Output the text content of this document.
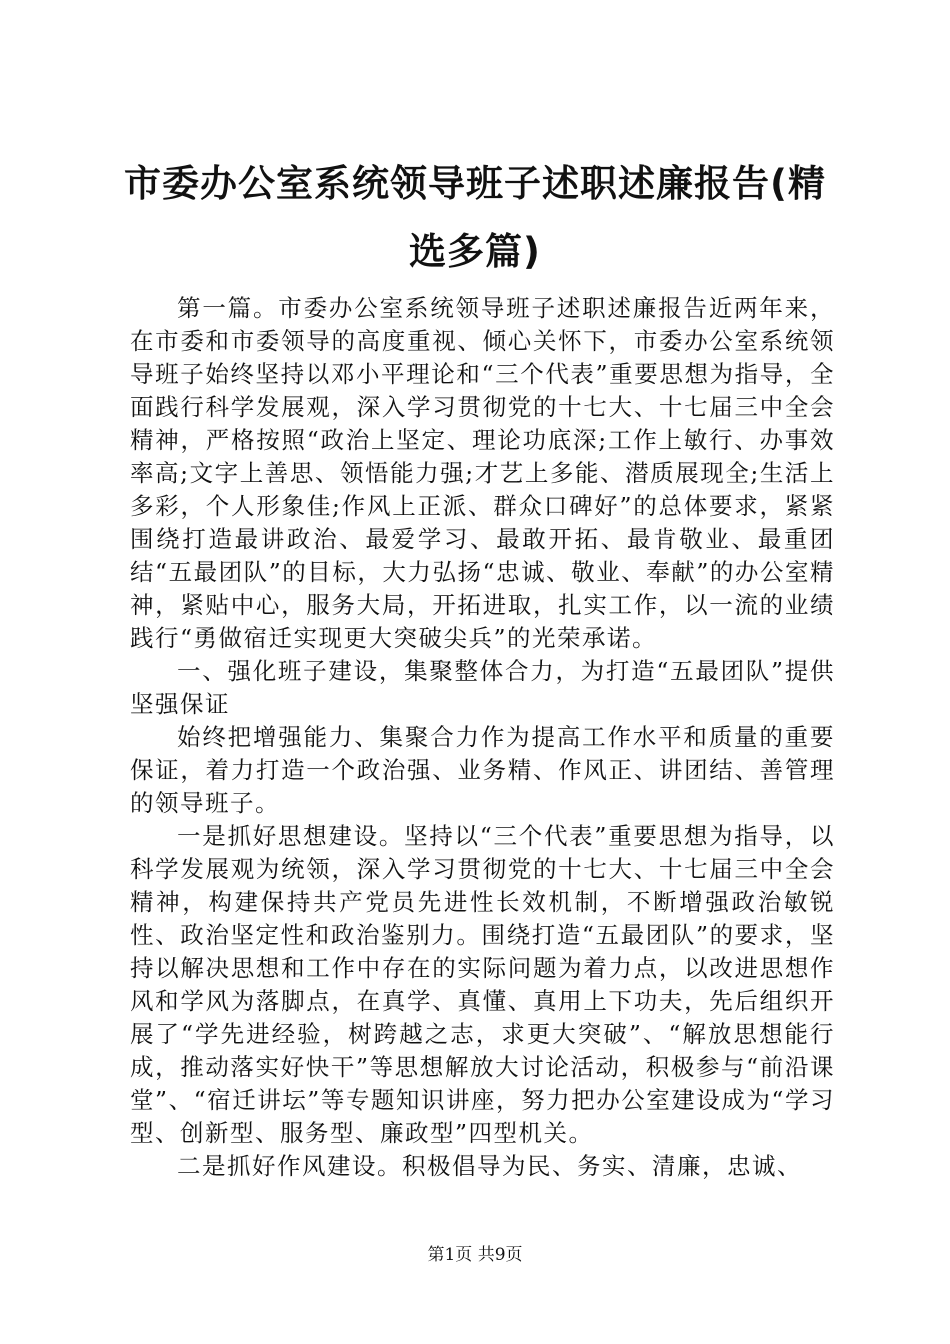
市委办公室系统领导班子述职述廉报告(精选多篇)

第一篇。市委办公室系统领导班子述职述廉报告近两年来，在市委和市委领导的高度重视、倾心关怀下，市委办公室系统领导班子始终坚持以邓小平理论和“三个代表”重要思想为指导，全面践行科学发展观，深入学习贯彻党的十七大、十七届三中全会精神，严格按照“政治上坚定、理论功底深;工作上敏行、办事效率高;文字上善思、领悟能力强;才艺上多能、潜质展现全;生活上多彩，个人形象佳;作风上正派、群众口碑好”的总体要求，紧紧围绕打造最讲政治、最爱学习、最敢开拓、最肯敬业、最重团结“五最团队”的目标，大力弘扬“忠诚、敬业、奉献”的办公室精神，紧贴中心，服务大局，开拓进取，扎实工作，以一流的业绩践行“勇做宿迁实现更大突破尖兵”的光荣承诺。

一、强化班子建设，集聚整体合力，为打造“五最团队”提供坚强保证

始终把增强能力、集聚合力作为提高工作水平和质量的重要保证，着力打造一个政治强、业务精、作风正、讲团结、善管理的领导班子。

一是抓好思想建设。坚持以“三个代表”重要思想为指导，以科学发展观为统领，深入学习贯彻党的十七大、十七届三中全会精神，构建保持共产党员先进性长效机制，不断增强政治敏锐性、政治坚定性和政治鉴别力。围绕打造“五最团队”的要求，坚持以解决思想和工作中存在的实际问题为着力点，以改进思想作风和学风为落脚点，在真学、真懂、真用上下功夫，先后组织开展了“学先进经验，树跨越之志，求更大突破”、“解放思想能行成，推动落实好快干”等思想解放大讨论活动，积极参与“前沿课堂”、“宿迁讲坛”等专题知识讲座，努力把办公室建设成为“学习型、创新型、服务型、廉政型”四型机关。

二是抓好作风建设。积极倡导为民、务实、清廉，忠诚、

第1页 共9页
